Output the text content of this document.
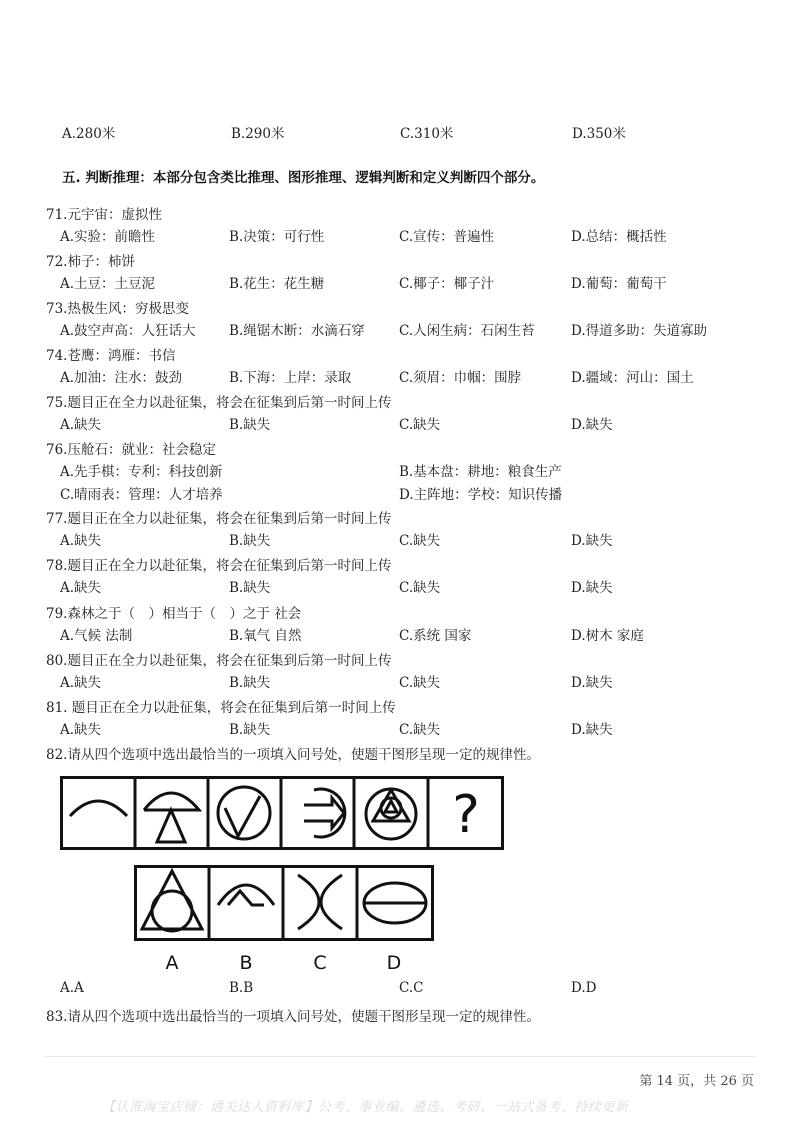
A.280米	B.290米	C.310米	D.350米
五. 判断推理：本部分包含类比推理、图形推理、逻辑判断和定义判断四个部分。
71.元宇宙：虚拟性
A.实验：前瞻性	B.决策：可行性	C.宣传：普遍性	D.总结：概括性
72.柿子：柿饼
A.土豆：土豆泥	B.花生：花生糖	C.椰子：椰子汁	D.葡萄：葡萄干
73.热极生风：穷极思变
A.鼓空声高：人狂话大 B.绳锯木断：水滴石穿	C.人闲生病：石闲生苔	D.得道多助：失道寡助
74.苍鹰：鸿雁：书信
A.加油：注水：鼓劲	B.下海：上岸：录取	C.须眉：巾帼：围脖	D.疆域：河山：国土
75.题目正在全力以赴征集，将会在征集到后第一时间上传
A.缺失	B.缺失	C.缺失	D.缺失
76.压舱石：就业：社会稳定
A.先手棋：专利：科技创新	B.基本盘：耕地：粮食生产
C.晴雨表：管理：人才培养	D.主阵地：学校：知识传播
77.题目正在全力以赴征集，将会在征集到后第一时间上传
A.缺失	B.缺失	C.缺失	D.缺失
78.题目正在全力以赴征集，将会在征集到后第一时间上传
A.缺失	B.缺失	C.缺失	D.缺失
79.森林之于（　）相当于（　）之于 社会
A.气候 法制	B.氧气 自然	C.系统 国家	D.树木 家庭
80.题目正在全力以赴征集，将会在征集到后第一时间上传
A.缺失	B.缺失	C.缺失	D.缺失
81. 题目正在全力以赴征集，将会在征集到后第一时间上传
A.缺失	B.缺失	C.缺失	D.缺失
82.请从四个选项中选出最恰当的一项填入问号处，使题干图形呈现一定的规律性。
?
A	B	C	D
A.A	B.B	C.C	D.D
83.请从四个选项中选出最恰当的一项填入问号处，使题干图形呈现一定的规律性。
第 14 页，共 26 页
【认准淘宝店铺：通关达人资料库】公考、事业编、遴选、考研、一站式备考、持续更新
